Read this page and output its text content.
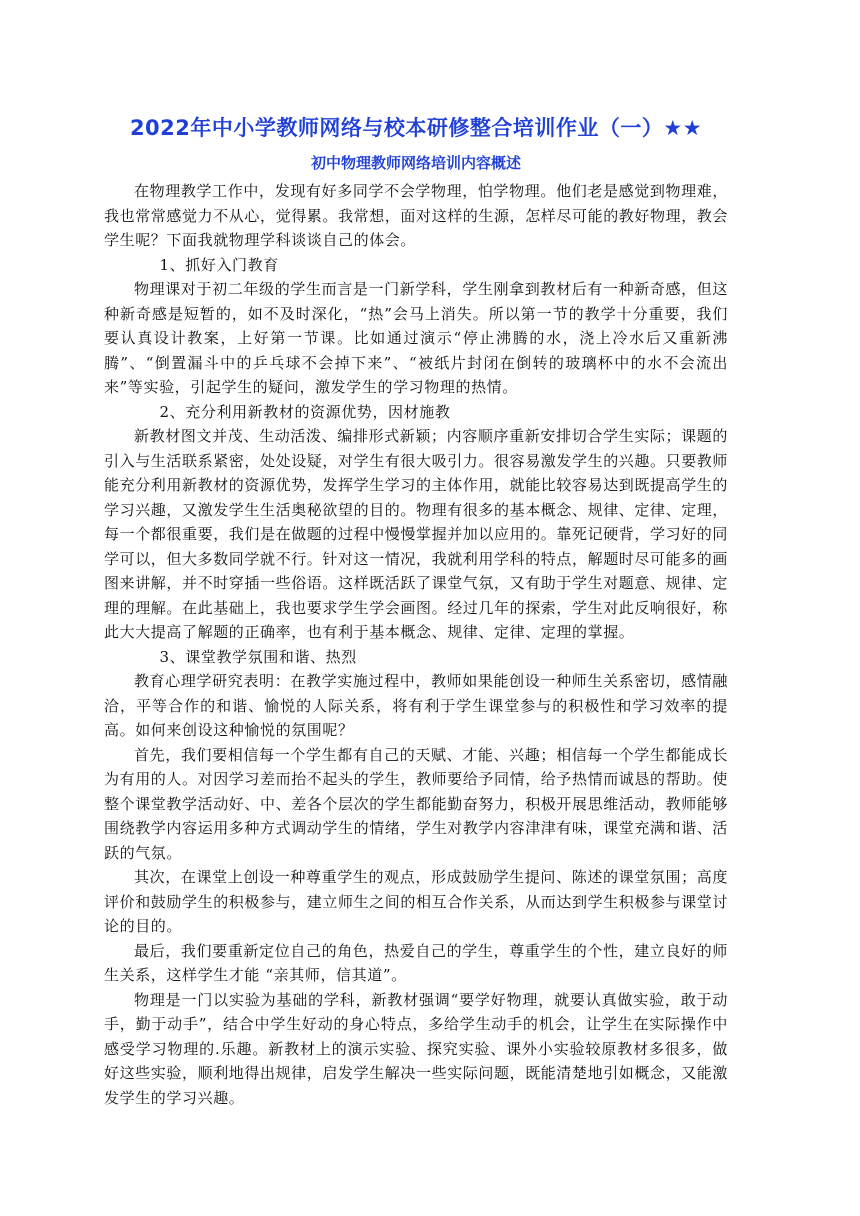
2022年中小学教师网络与校本研修整合培训作业（一）★★
初中物理教师网络培训内容概述

在物理教学工作中，发现有好多同学不会学物理，怕学物理。他们老是感觉到物理难，我也常常感觉力不从心，觉得累。我常想，面对这样的生源，怎样尽可能的教好物理，教会学生呢？下面我就物理学科谈谈自己的体会。

1、抓好入门教育

物理课对于初二年级的学生而言是一门新学科，学生刚拿到教材后有一种新奇感，但这种新奇感是短暂的，如不及时深化，“热”会马上消失。所以第一节的教学十分重要，我们要认真设计教案，上好第一节课。比如通过演示“停止沸腾的水，浇上冷水后又重新沸腾”、“倒置漏斗中的乒乓球不会掉下来”、“被纸片封闭在倒转的玻璃杯中的水不会流出来”等实验，引起学生的疑问，激发学生的学习物理的热情。

2、充分利用新教材的资源优势，因材施教

新教材图文并茂、生动活泼、编排形式新颖；内容顺序重新安排切合学生实际；课题的引入与生活联系紧密，处处设疑，对学生有很大吸引力。很容易激发学生的兴趣。只要教师能充分利用新教材的资源优势，发挥学生学习的主体作用，就能比较容易达到既提高学生的学习兴趣，又激发学生生活奥秘欲望的目的。物理有很多的基本概念、规律、定律、定理，每一个都很重要，我们是在做题的过程中慢慢掌握并加以应用的。靠死记硬背，学习好的同学可以，但大多数同学就不行。针对这一情况，我就利用学科的特点，解题时尽可能多的画图来讲解，并不时穿插一些俗语。这样既活跃了课堂气氛，又有助于学生对题意、规律、定理的理解。在此基础上，我也要求学生学会画图。经过几年的探索，学生对此反响很好，称此大大提高了解题的正确率，也有利于基本概念、规律、定律、定理的掌握。

3、课堂教学氛围和谐、热烈

教育心理学研究表明：在教学实施过程中，教师如果能创设一种师生关系密切，感情融洽，平等合作的和谐、愉悦的人际关系，将有利于学生课堂参与的积极性和学习效率的提高。如何来创设这种愉悦的氛围呢？

首先，我们要相信每一个学生都有自己的天赋、才能、兴趣；相信每一个学生都能成长为有用的人。对因学习差而抬不起头的学生，教师要给予同情，给予热情而诚恳的帮助。使整个课堂教学活动好、中、差各个层次的学生都能勤奋努力，积极开展思维活动，教师能够围绕教学内容运用多种方式调动学生的情绪，学生对教学内容津津有味，课堂充满和谐、活跃的气氛。

其次，在课堂上创设一种尊重学生的观点，形成鼓励学生提问、陈述的课堂氛围；高度评价和鼓励学生的积极参与，建立师生之间的相互合作关系，从而达到学生积极参与课堂讨论的目的。

最后，我们要重新定位自己的角色，热爱自己的学生，尊重学生的个性，建立良好的师生关系，这样学生才能 “亲其师，信其道”。

物理是一门以实验为基础的学科，新教材强调“要学好物理，就要认真做实验，敢于动手，勤于动手”，结合中学生好动的身心特点，多给学生动手的机会，让学生在实际操作中感受学习物理的.乐趣。新教材上的演示实验、探究实验、课外小实验较原教材多很多，做好这些实验，顺利地得出规律，启发学生解决一些实际问题，既能清楚地引如概念，又能激发学生的学习兴趣。
